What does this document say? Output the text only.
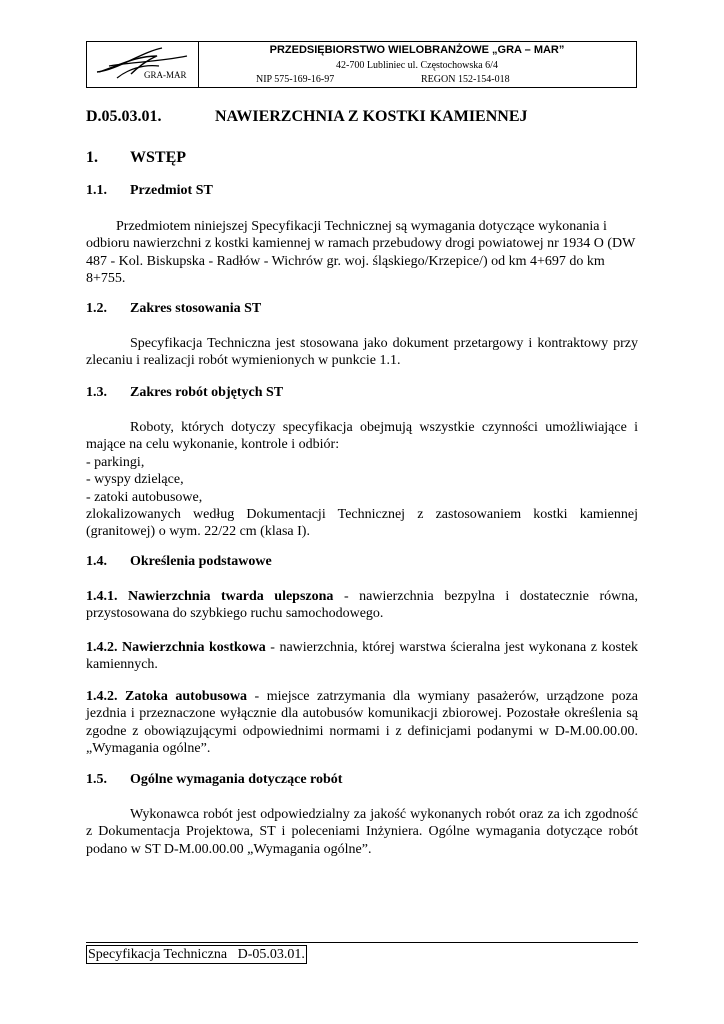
GRA-MAR
PRZEDSIĘBIORSTWO WIELOBRANŻOWE „GRA – MAR”
42-700 Lubliniec ul. Częstochowska 6/4
NIP 575-169-16-97	REGON 152-154-018
D.05.03.01.	NAWIERZCHNIA Z KOSTKI KAMIENNEJ
1. WSTĘP
1.1. Przedmiot ST
Przedmiotem niniejszej Specyfikacji Technicznej są wymagania dotyczące wykonania i odbioru nawierzchni z kostki kamiennej w ramach przebudowy drogi powiatowej nr 1934 O (DW 487 - Kol. Biskupska - Radłów - Wichrów gr. woj. śląskiego/Krzepice/) od km 4+697 do km 8+755.
1.2. Zakres stosowania ST
Specyfikacja Techniczna jest stosowana jako dokument przetargowy i kontraktowy przy zlecaniu i realizacji robót wymienionych w punkcie 1.1.
1.3. Zakres robót objętych ST
Roboty, których dotyczy specyfikacja obejmują wszystkie czynności umożliwiające i mające na celu wykonanie, kontrole i odbiór:
- parkingi,
- wyspy dzielące,
- zatoki autobusowe,
zlokalizowanych według Dokumentacji Technicznej z zastosowaniem kostki kamiennej (granitowej) o wym. 22/22 cm (klasa I).
1.4. Określenia podstawowe
1.4.1. Nawierzchnia twarda ulepszona - nawierzchnia bezpylna i dostatecznie równa, przystosowana do szybkiego ruchu samochodowego.
1.4.2. Nawierzchnia kostkowa - nawierzchnia, której warstwa ścieralna jest wykonana z kostek kamiennych.
1.4.2. Zatoka autobusowa - miejsce zatrzymania dla wymiany pasażerów, urządzone poza jezdnia i przeznaczone wyłącznie dla autobusów komunikacji zbiorowej. Pozostałe określenia są zgodne z obowiązującymi odpowiednimi normami i z definicjami podanymi w D-M.00.00.00. „Wymagania ogólne”.
1.5. Ogólne wymagania dotyczące robót
Wykonawca robót jest odpowiedzialny za jakość wykonanych robót oraz za ich zgodność z Dokumentacja Projektowa, ST i poleceniami Inżyniera. Ogólne wymagania dotyczące robót podano w ST D-M.00.00.00 „Wymagania ogólne”.
Specyfikacja Techniczna D-05.03.01.
